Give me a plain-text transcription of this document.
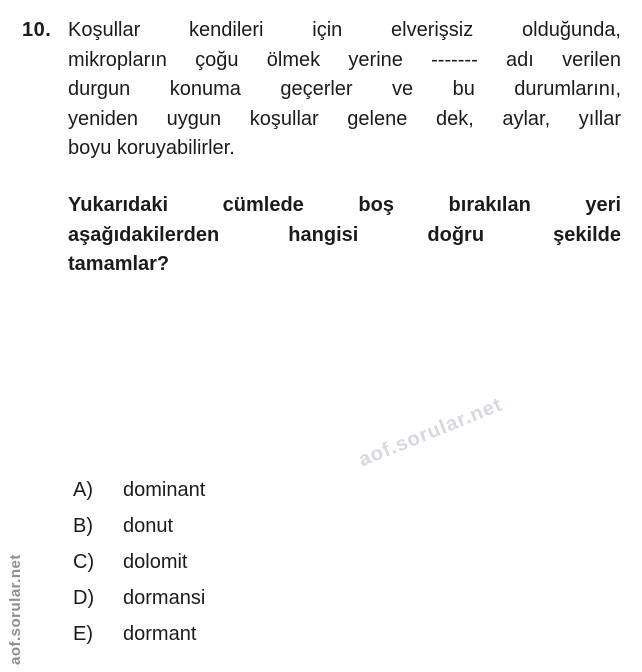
10. Koşullar kendileri için elverişsiz olduğunda,
mikropların çoğu ölmek yerine ------- adı verilen
durgun konuma geçerler ve bu durumlarını,
yeniden uygun koşullar gelene dek, aylar, yıllar
boyu koruyabilirler.
Yukarıdaki cümlede boş bırakılan yeri
aşağıdakilerden hangisi doğru şekilde
tamamlar?
A) dominant
B) donut
C) dolomit
D) dormansi
E) dormant
aof.sorular.net
aof.sorular.net
